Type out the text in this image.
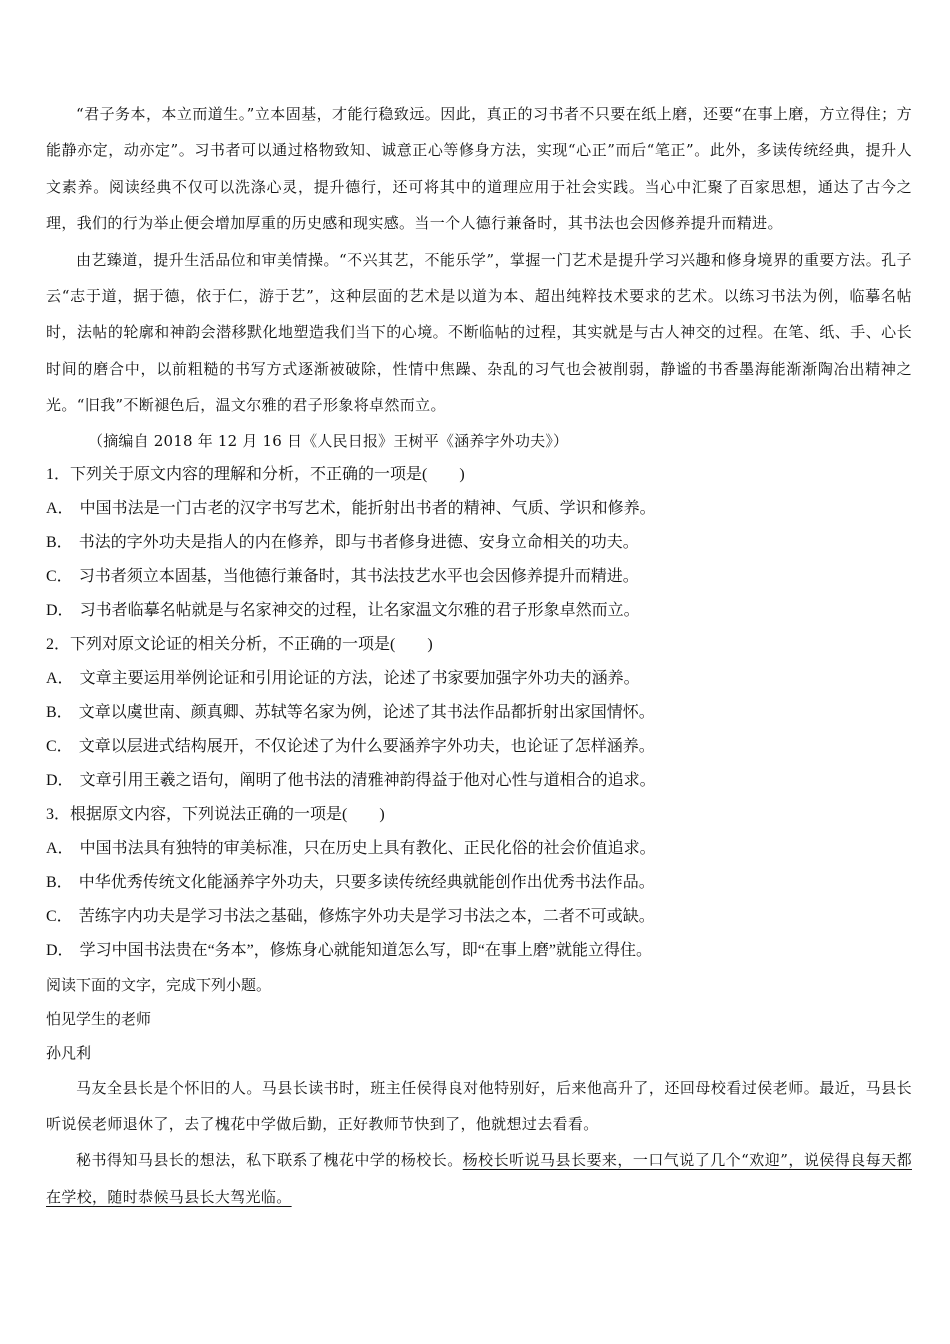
“君子务本，本立而道生。”立本固基，才能行稳致远。因此，真正的习书者不只要在纸上磨，还要“在事上磨，方立得住；方能静亦定，动亦定”。习书者可以通过格物致知、诚意正心等修身方法，实现“心正”而后“笔正”。此外，多读传统经典，提升人文素养。阅读经典不仅可以洗涤心灵，提升德行，还可将其中的道理应用于社会实践。当心中汇聚了百家思想，通达了古今之理，我们的行为举止便会增加厚重的历史感和现实感。当一个人德行兼备时，其书法也会因修养提升而精进。

由艺臻道，提升生活品位和审美情操。“不兴其艺，不能乐学”，掌握一门艺术是提升学习兴趣和修身境界的重要方法。孔子云“志于道，据于德，依于仁，游于艺”，这种层面的艺术是以道为本、超出纯粹技术要求的艺术。以练习书法为例，临摹名帖时，法帖的轮廓和神韵会潜移默化地塑造我们当下的心境。不断临帖的过程，其实就是与古人神交的过程。在笔、纸、手、心长时间的磨合中，以前粗糙的书写方式逐渐被破除，性情中焦躁、杂乱的习气也会被削弱，静谧的书香墨海能渐渐陶冶出精神之光。“旧我”不断褪色后，温文尔雅的君子形象将卓然而立。

（摘编自 2018 年 12 月 16 日《人民日报》王树平《涵养字外功夫》）

1．下列关于原文内容的理解和分析，不正确的一项是(　　)

A． 中国书法是一门古老的汉字书写艺术，能折射出书者的精神、气质、学识和修养。

B． 书法的字外功夫是指人的内在修养，即与书者修身进德、安身立命相关的功夫。

C． 习书者须立本固基，当他德行兼备时，其书法技艺水平也会因修养提升而精进。

D． 习书者临摹名帖就是与名家神交的过程，让名家温文尔雅的君子形象卓然而立。

2．下列对原文论证的相关分析，不正确的一项是(　　)

A． 文章主要运用举例论证和引用论证的方法，论述了书家要加强字外功夫的涵养。

B． 文章以虞世南、颜真卿、苏轼等名家为例，论述了其书法作品都折射出家国情怀。

C． 文章以层进式结构展开，不仅论述了为什么要涵养字外功夫，也论证了怎样涵养。

D． 文章引用王羲之语句，阐明了他书法的清雅神韵得益于他对心性与道相合的追求。

3．根据原文内容，下列说法正确的一项是(　　)

A． 中国书法具有独特的审美标准，只在历史上具有教化、正民化俗的社会价值追求。

B． 中华优秀传统文化能涵养字外功夫，只要多读传统经典就能创作出优秀书法作品。

C． 苦练字内功夫是学习书法之基础，修炼字外功夫是学习书法之本，二者不可或缺。

D． 学习中国书法贵在“务本”，修炼身心就能知道怎么写，即“在事上磨”就能立得住。

阅读下面的文字，完成下列小题。

怕见学生的老师

孙凡利

马友全县长是个怀旧的人。马县长读书时，班主任侯得良对他特别好，后来他高升了，还回母校看过侯老师。最近，马县长听说侯老师退休了，去了槐花中学做后勤，正好教师节快到了，他就想过去看看。

秘书得知马县长的想法，私下联系了槐花中学的杨校长。杨校长听说马县长要来，一口气说了几个“欢迎”，说侯得良每天都在学校，随时恭候马县长大驾光临。
